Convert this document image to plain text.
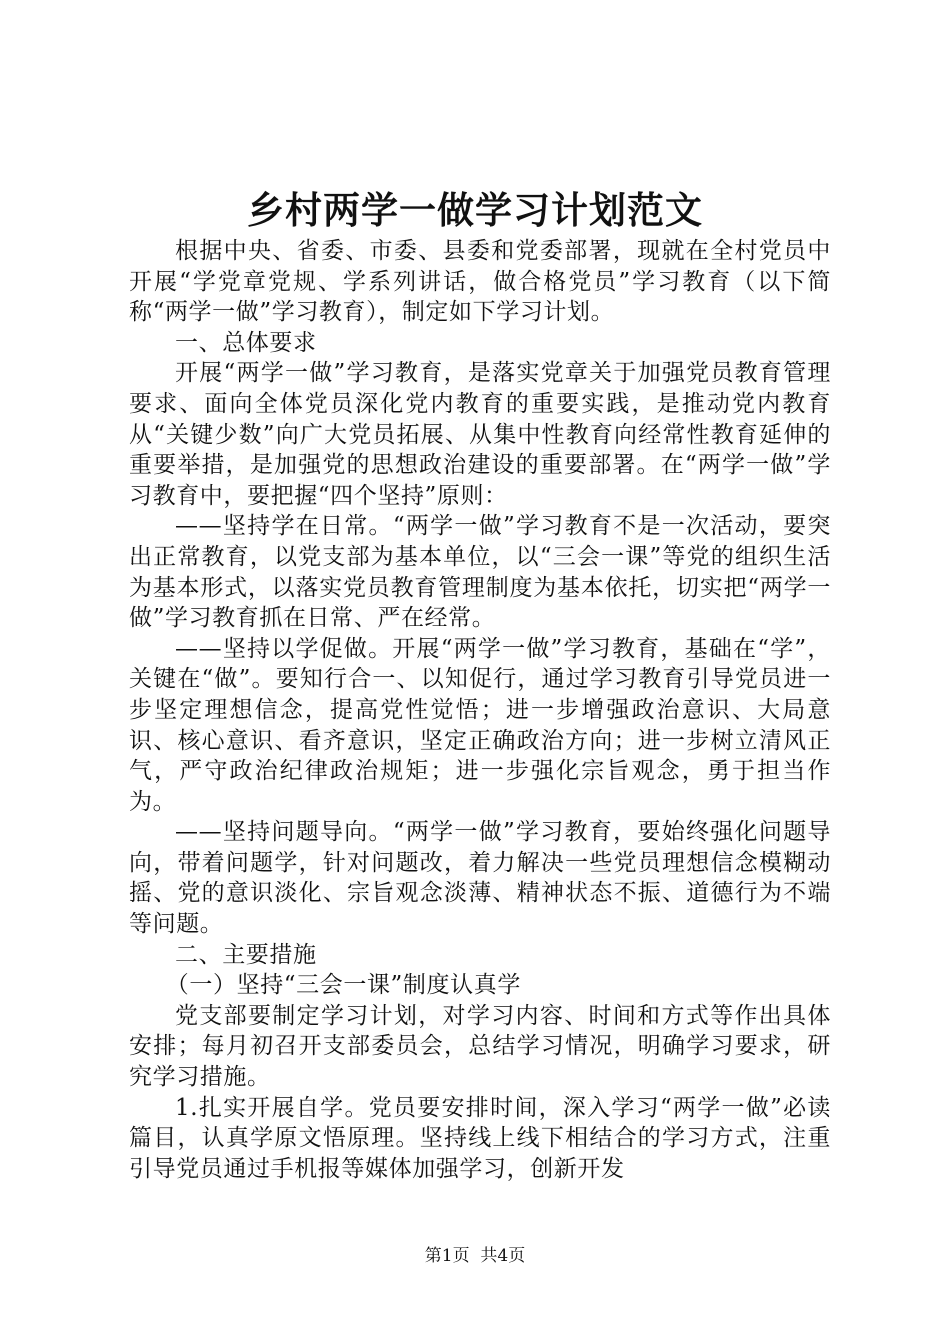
乡村两学一做学习计划范文

根据中央、省委、市委、县委和党委部署，现就在全村党员中开展“学党章党规、学系列讲话，做合格党员”学习教育（以下简称“两学一做”学习教育），制定如下学习计划。

一、总体要求

开展“两学一做”学习教育，是落实党章关于加强党员教育管理要求、面向全体党员深化党内教育的重要实践，是推动党内教育从“关键少数”向广大党员拓展、从集中性教育向经常性教育延伸的重要举措，是加强党的思想政治建设的重要部署。在“两学一做”学习教育中，要把握“四个坚持”原则：

——坚持学在日常。“两学一做”学习教育不是一次活动，要突出正常教育，以党支部为基本单位，以“三会一课”等党的组织生活为基本形式，以落实党员教育管理制度为基本依托，切实把“两学一做”学习教育抓在日常、严在经常。

——坚持以学促做。开展“两学一做”学习教育，基础在“学”，关键在“做”。要知行合一、以知促行，通过学习教育引导党员进一步坚定理想信念，提高党性觉悟；进一步增强政治意识、大局意识、核心意识、看齐意识，坚定正确政治方向；进一步树立清风正气，严守政治纪律政治规矩；进一步强化宗旨观念，勇于担当作为。

——坚持问题导向。“两学一做”学习教育，要始终强化问题导向，带着问题学，针对问题改，着力解决一些党员理想信念模糊动摇、党的意识淡化、宗旨观念淡薄、精神状态不振、道德行为不端等问题。

二、主要措施

（一）坚持“三会一课”制度认真学

党支部要制定学习计划，对学习内容、时间和方式等作出具体安排；每月初召开支部委员会，总结学习情况，明确学习要求，研究学习措施。

1.扎实开展自学。党员要安排时间，深入学习“两学一做”必读篇目，认真学原文悟原理。坚持线上线下相结合的学习方式，注重引导党员通过手机报等媒体加强学习，创新开发

第1页 共4页
